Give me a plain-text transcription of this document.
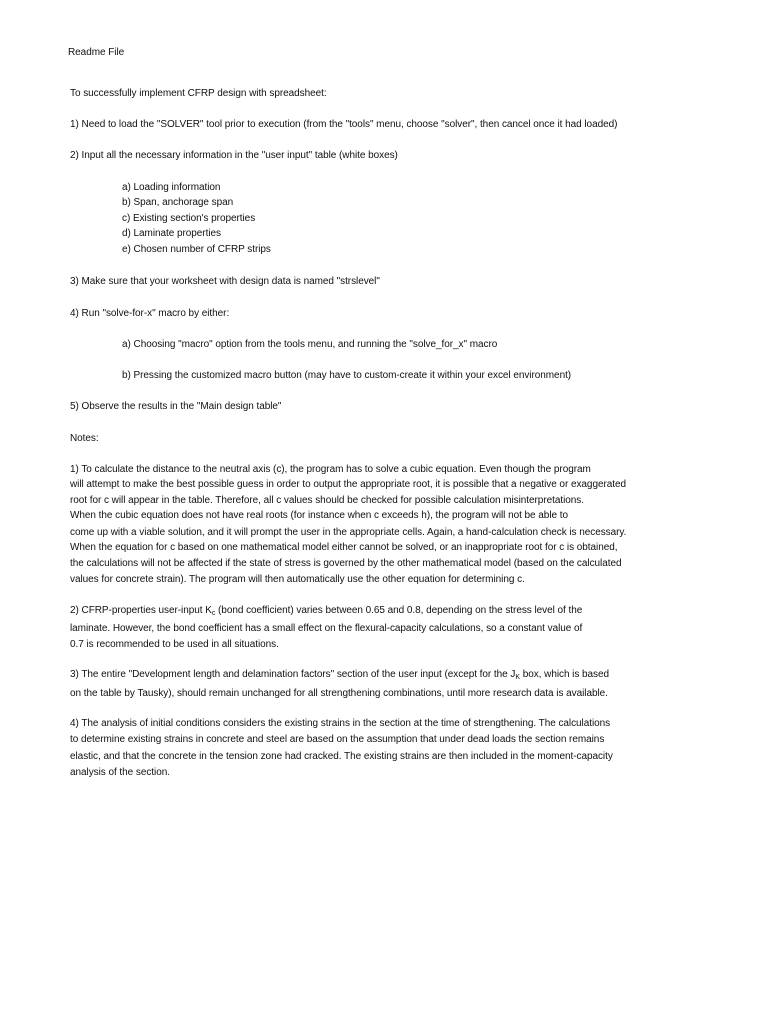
Readme File
To successfully implement CFRP design with spreadsheet:
1) Need to load the "SOLVER" tool prior to execution (from the "tools" menu, choose "solver", then cancel once it had loaded)
2) Input all the necessary information in the "user input" table (white boxes)
a) Loading information
b) Span, anchorage span
c) Existing section's properties
d) Laminate properties
e) Chosen number of CFRP strips
3) Make sure that your worksheet with design data is named "strslevel"
4) Run "solve-for-x" macro by either:
a) Choosing "macro" option from the tools menu, and running the "solve_for_x" macro
b) Pressing the customized macro button (may have to custom-create it within your excel environment)
5) Observe the results in the "Main design table"
Notes:
1) To calculate the distance to the neutral axis (c), the program has to solve a cubic equation. Even though the program
will attempt to make the best possible guess in order to output the appropriate root, it is possible that a negative or exaggerated
root for c will appear in the table. Therefore, all c values should be checked for possible calculation misinterpretations.
When the cubic equation does not have real roots (for instance when c exceeds h), the program will not be able to
come up with a viable solution, and it will prompt the user in the appropriate cells. Again, a hand-calculation check is necessary.
When the equation for c based on one mathematical model either cannot be solved, or an inappropriate root for c is obtained,
the calculations will not be affected if the state of stress is governed by the other mathematical model (based on the calculated
values for concrete strain). The program will then automatically use the other equation for determining c.
2) CFRP-properties user-input $K_c$ (bond coefficient) varies between 0.65 and 0.8, depending on the stress level of the
laminate. However, the bond coefficient has a small effect on the flexural-capacity calculations, so a constant value of
0.7 is recommended to be used in all situations.
3) The entire "Development length and delamination factors" section of the user input (except for the $J_K$ box, which is based
on the table by Tausky), should remain unchanged for all strengthening combinations, until more research data is available.
4) The analysis of initial conditions considers the existing strains in the section at the time of strengthening. The calculations
to determine existing strains in concrete and steel are based on the assumption that under dead loads the section remains
elastic, and that the concrete in the tension zone had cracked. The existing strains are then included in the moment-capacity
analysis of the section.
